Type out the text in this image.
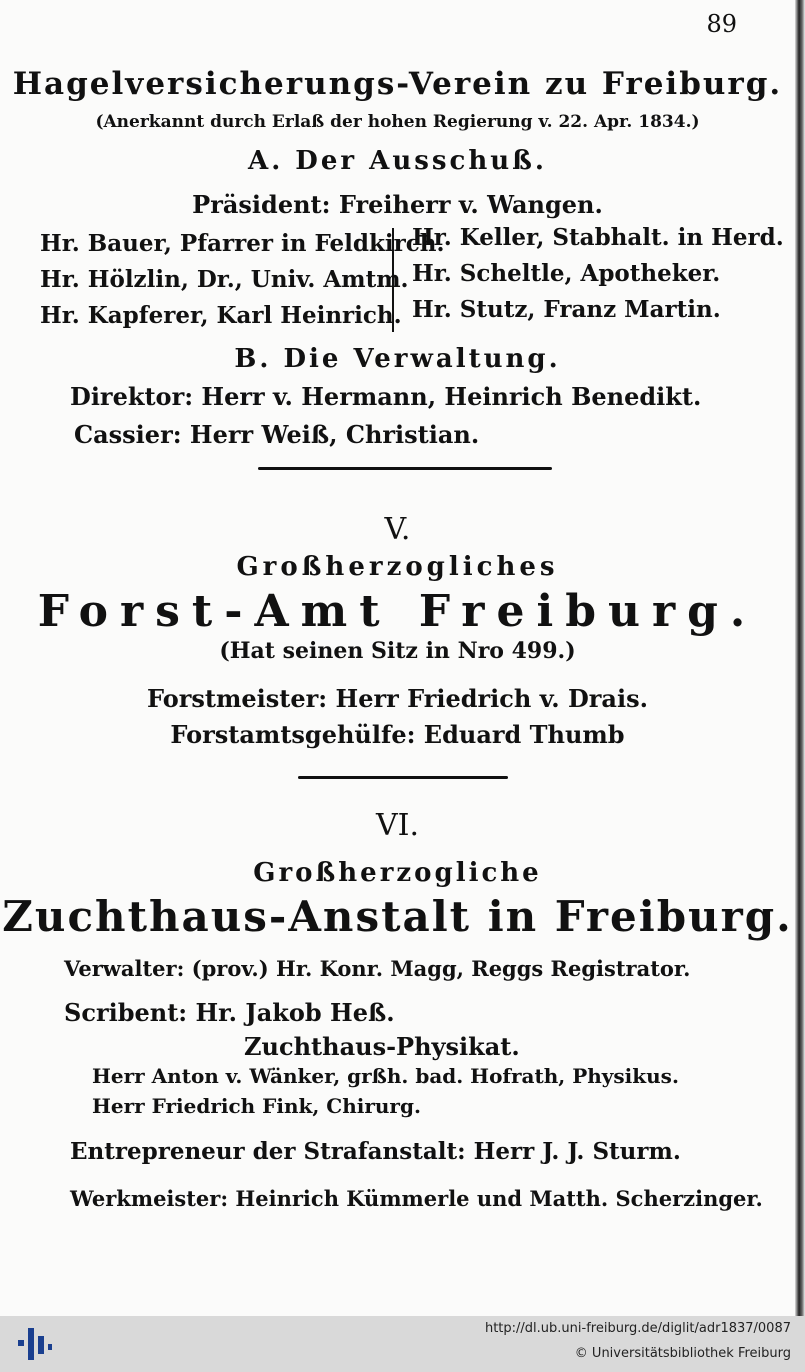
89
Hagelversicherungs-Verein zu Freiburg.
(Anerkannt durch Erlaß der hohen Regierung v. 22. Apr. 1834.)
A. Der Ausschuß.
Präsident: Freiherr v. Wangen.
Hr. Bauer, Pfarrer in Feldkirch.
Hr. Hölzlin, Dr., Univ. Amtm.
Hr. Kapferer, Karl Heinrich.
Hr. Keller, Stabhalt. in Herd.
Hr. Scheltle, Apotheker.
Hr. Stutz, Franz Martin.
B. Die Verwaltung.
Direktor: Herr v. Hermann, Heinrich Benedikt.
Cassier: Herr Weiß, Christian.
V.
Großherzogliches
Forst-Amt Freiburg.
(Hat seinen Sitz in Nro 499.)
Forstmeister: Herr Friedrich v. Drais.
Forstamtsgehülfe: Eduard Thumb
VI.
Großherzogliche
Zuchthaus-Anstalt in Freiburg.
Verwalter: (prov.) Hr. Konr. Magg, Reggs Registrator.
Scribent: Hr. Jakob Heß.
Zuchthaus-Physikat.
Herr Anton v. Wänker, grßh. bad. Hofrath, Physikus.
Herr Friedrich Fink, Chirurg.
Entrepreneur der Strafanstalt: Herr J. J. Sturm.
Werkmeister: Heinrich Kümmerle und Matth. Scherzinger.
http://dl.ub.uni-freiburg.de/diglit/adr1837/0087
© Universitätsbibliothek Freiburg
